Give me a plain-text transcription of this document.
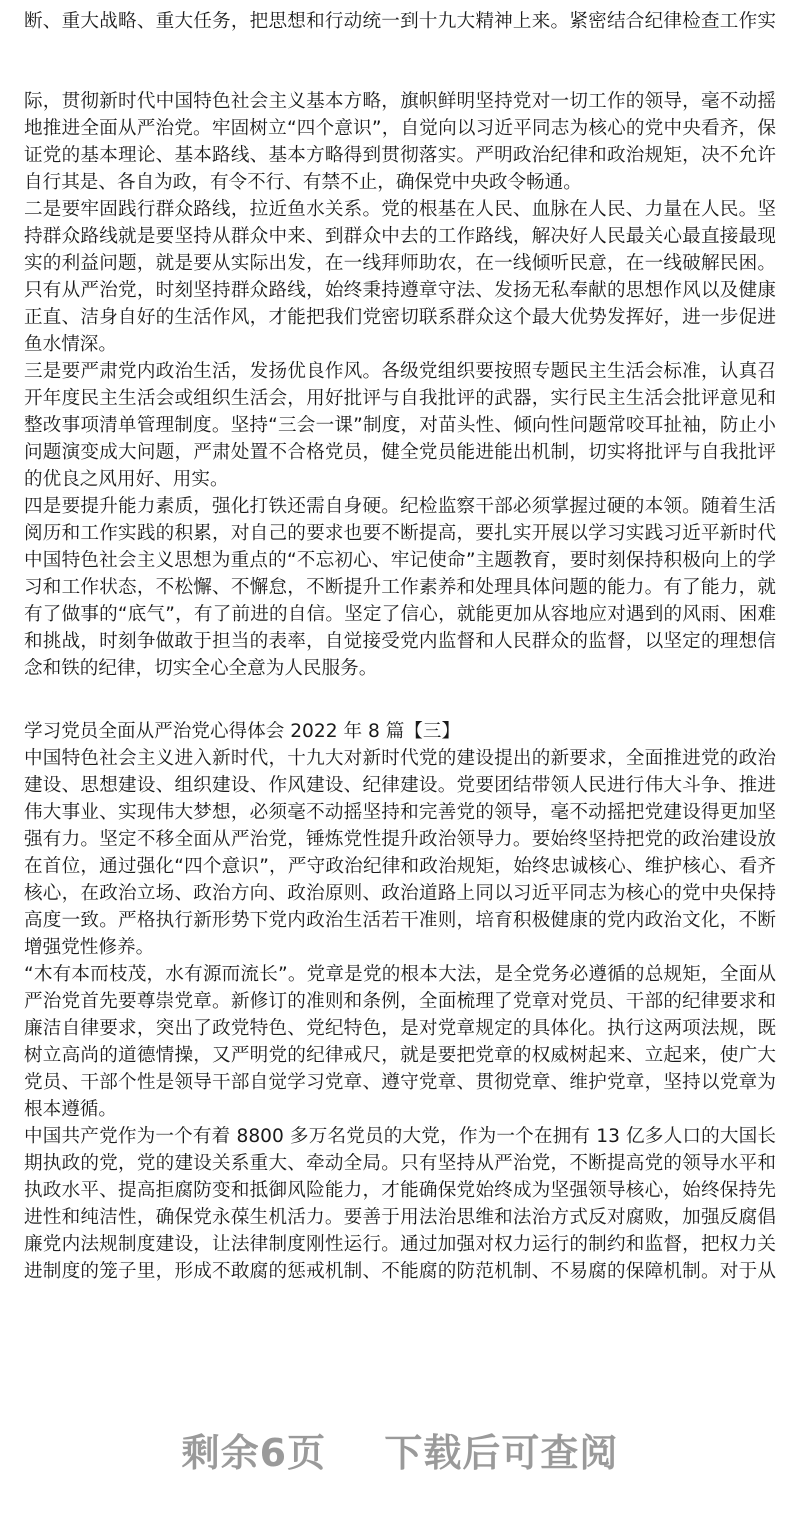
断、重大战略、重大任务，把思想和行动统一到十九大精神上来。紧密结合纪律检查工作实
际，贯彻新时代中国特色社会主义基本方略，旗帜鲜明坚持党对一切工作的领导，毫不动摇
地推进全面从严治党。牢固树立“四个意识”，自觉向以习近平同志为核心的党中央看齐，保
证党的基本理论、基本路线、基本方略得到贯彻落实。严明政治纪律和政治规矩，决不允许
自行其是、各自为政，有令不行、有禁不止，确保党中央政令畅通。
二是要牢固践行群众路线，拉近鱼水关系。党的根基在人民、血脉在人民、力量在人民。坚
持群众路线就是要坚持从群众中来、到群众中去的工作路线，解决好人民最关心最直接最现
实的利益问题，就是要从实际出发，在一线拜师助农，在一线倾听民意，在一线破解民困。
只有从严治党，时刻坚持群众路线，始终秉持遵章守法、发扬无私奉献的思想作风以及健康
正直、洁身自好的生活作风，才能把我们党密切联系群众这个最大优势发挥好，进一步促进
鱼水情深。
三是要严肃党内政治生活，发扬优良作风。各级党组织要按照专题民主生活会标准，认真召
开年度民主生活会或组织生活会，用好批评与自我批评的武器，实行民主生活会批评意见和
整改事项清单管理制度。坚持“三会一课”制度，对苗头性、倾向性问题常咬耳扯袖，防止小
问题演变成大问题，严肃处置不合格党员，健全党员能进能出机制，切实将批评与自我批评
的优良之风用好、用实。
四是要提升能力素质，强化打铁还需自身硬。纪检监察干部必须掌握过硬的本领。随着生活
阅历和工作实践的积累，对自己的要求也要不断提高，要扎实开展以学习实践习近平新时代
中国特色社会主义思想为重点的“不忘初心、牢记使命”主题教育，要时刻保持积极向上的学
习和工作状态，不松懈、不懈怠，不断提升工作素养和处理具体问题的能力。有了能力，就
有了做事的“底气”，有了前进的自信。坚定了信心，就能更加从容地应对遇到的风雨、困难
和挑战，时刻争做敢于担当的表率，自觉接受党内监督和人民群众的监督，以坚定的理想信
念和铁的纪律，切实全心全意为人民服务。
学习党员全面从严治党心得体会 2022 年 8 篇【三】
中国特色社会主义进入新时代，十九大对新时代党的建设提出的新要求，全面推进党的政治
建设、思想建设、组织建设、作风建设、纪律建设。党要团结带领人民进行伟大斗争、推进
伟大事业、实现伟大梦想，必须毫不动摇坚持和完善党的领导，毫不动摇把党建设得更加坚
强有力。坚定不移全面从严治党，锤炼党性提升政治领导力。要始终坚持把党的政治建设放
在首位，通过强化“四个意识”，严守政治纪律和政治规矩，始终忠诚核心、维护核心、看齐
核心，在政治立场、政治方向、政治原则、政治道路上同以习近平同志为核心的党中央保持
高度一致。严格执行新形势下党内政治生活若干准则，培育积极健康的党内政治文化，不断
增强党性修养。
“木有本而枝茂，水有源而流长”。党章是党的根本大法，是全党务必遵循的总规矩，全面从
严治党首先要尊崇党章。新修订的准则和条例，全面梳理了党章对党员、干部的纪律要求和
廉洁自律要求，突出了政党特色、党纪特色，是对党章规定的具体化。执行这两项法规，既
树立高尚的道德情操，又严明党的纪律戒尺，就是要把党章的权威树起来、立起来，使广大
党员、干部个性是领导干部自觉学习党章、遵守党章、贯彻党章、维护党章，坚持以党章为
根本遵循。
中国共产党作为一个有着 8800 多万名党员的大党，作为一个在拥有 13 亿多人口的大国长
期执政的党，党的建设关系重大、牵动全局。只有坚持从严治党，不断提高党的领导水平和
执政水平、提高拒腐防变和抵御风险能力，才能确保党始终成为坚强领导核心，始终保持先
进性和纯洁性，确保党永葆生机活力。要善于用法治思维和法治方式反对腐败，加强反腐倡
廉党内法规制度建设，让法律制度刚性运行。通过加强对权力运行的制约和监督，把权力关
进制度的笼子里，形成不敢腐的惩戒机制、不能腐的防范机制、不易腐的保障机制。对于从
剩余6页 下载后可查阅
